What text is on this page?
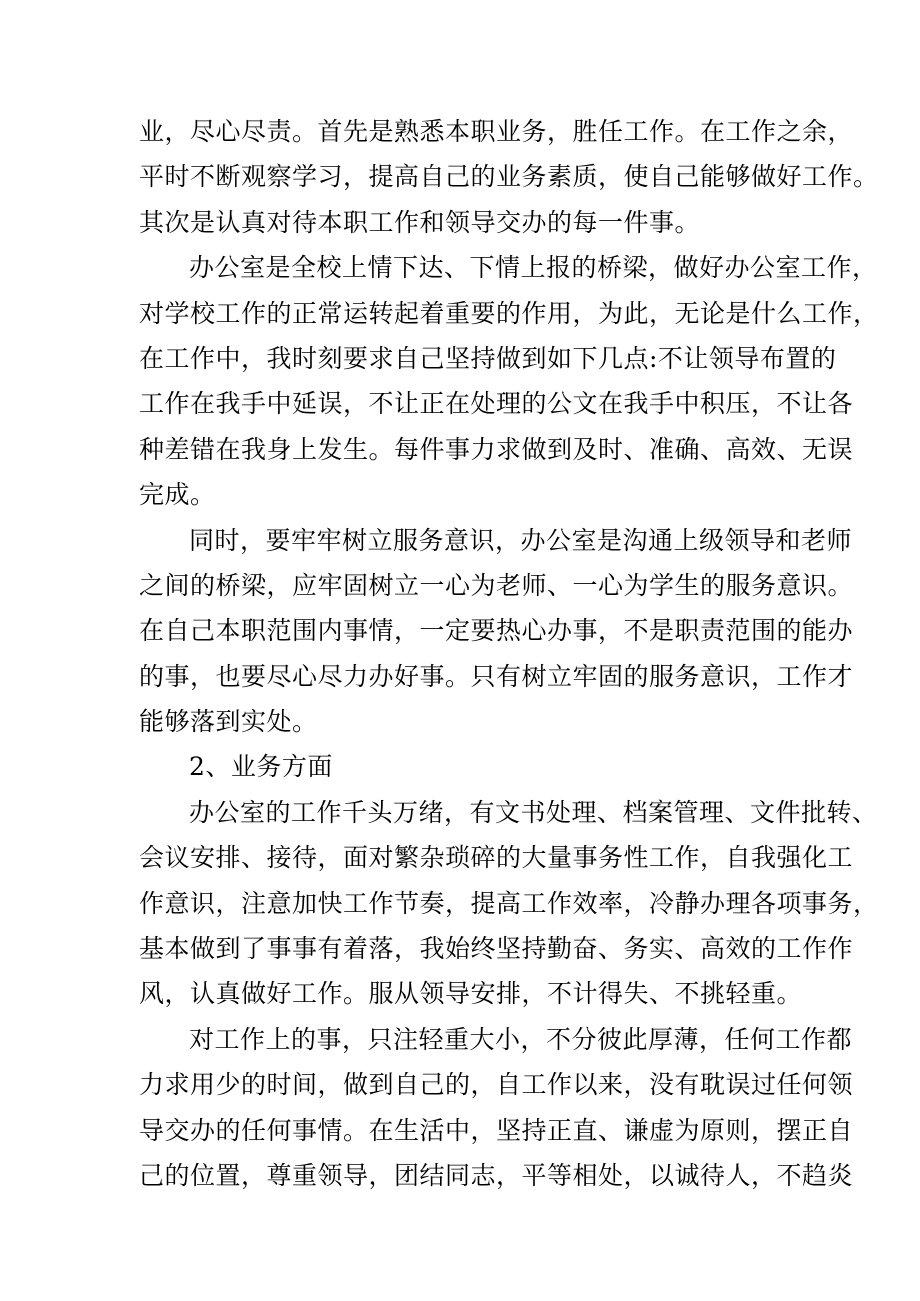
业，尽心尽责。首先是熟悉本职业务，胜任工作。在工作之余，
平时不断观察学习，提高自己的业务素质，使自己能够做好工作。
其次是认真对待本职工作和领导交办的每一件事。
办公室是全校上情下达、下情上报的桥梁，做好办公室工作，
对学校工作的正常运转起着重要的作用，为此，无论是什么工作，
在工作中，我时刻要求自己坚持做到如下几点:不让领导布置的
工作在我手中延误，不让正在处理的公文在我手中积压，不让各
种差错在我身上发生。每件事力求做到及时、准确、高效、无误
完成。
同时，要牢牢树立服务意识，办公室是沟通上级领导和老师
之间的桥梁，应牢固树立一心为老师、一心为学生的服务意识。
在自己本职范围内事情，一定要热心办事，不是职责范围的能办
的事，也要尽心尽力办好事。只有树立牢固的服务意识，工作才
能够落到实处。
2、业务方面
办公室的工作千头万绪，有文书处理、档案管理、文件批转、
会议安排、接待，面对繁杂琐碎的大量事务性工作，自我强化工
作意识，注意加快工作节奏，提高工作效率，冷静办理各项事务，
基本做到了事事有着落，我始终坚持勤奋、务实、高效的工作作
风，认真做好工作。服从领导安排，不计得失、不挑轻重。
对工作上的事，只注轻重大小，不分彼此厚薄，任何工作都
力求用少的时间，做到自己的，自工作以来，没有耽误过任何领
导交办的任何事情。在生活中，坚持正直、谦虚为原则，摆正自
己的位置，尊重领导，团结同志，平等相处，以诚待人，不趋炎
